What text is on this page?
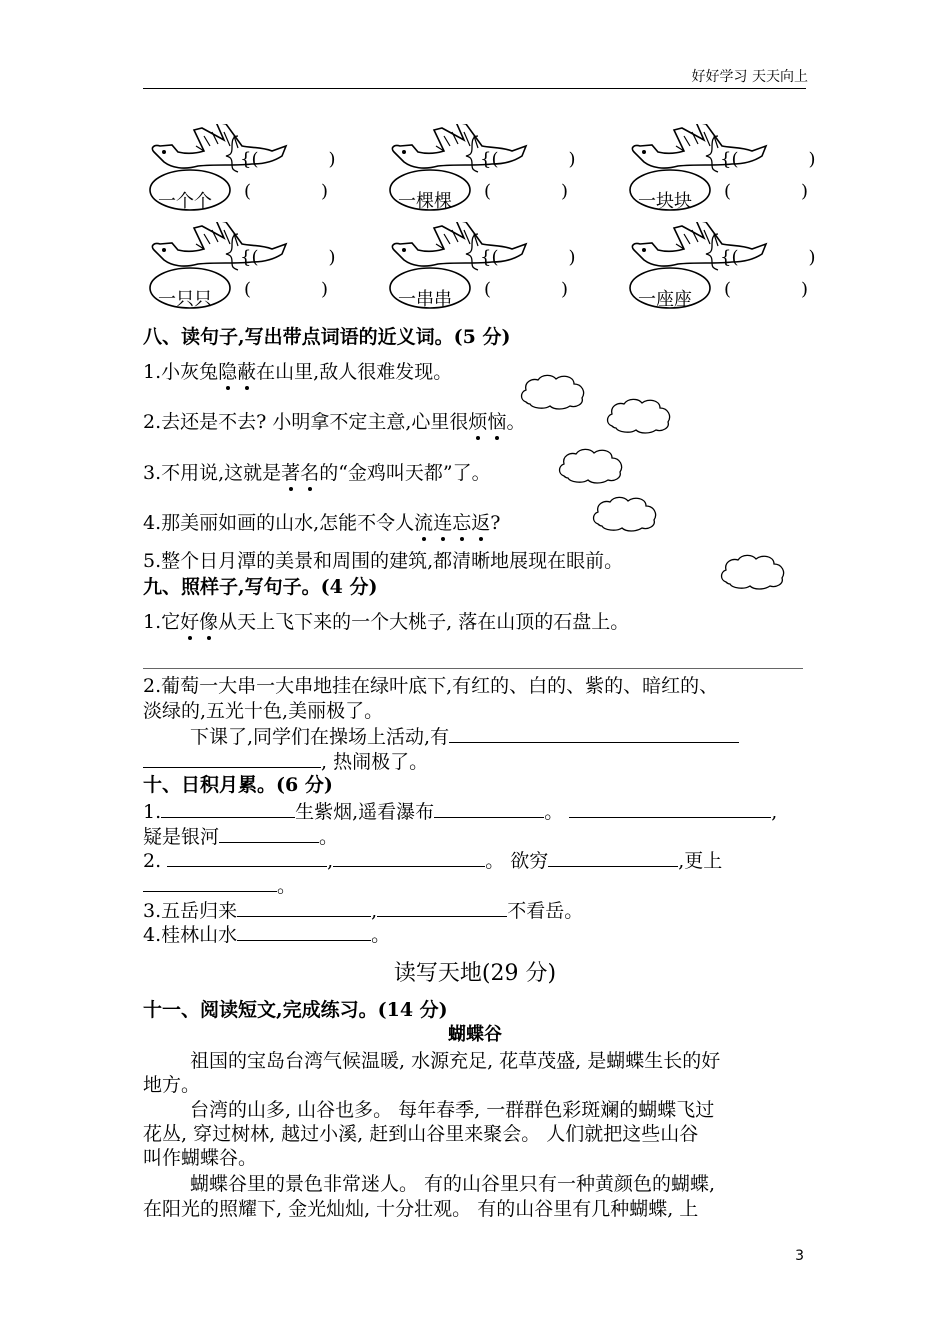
好好学习 天天向上
一个个
{(	)
(	)	一棵棵
{(	)
(	)	一块块
{(	)
(	)
一只只
{(	)
(	)	一串串
{(	)
(	)	一座座
{(	)
(	)
八、读句子,写出带点词语的近义词。(5 分)
1.小灰兔隐蔽在山里,敌人很难发现。
2.去还是不去? 小明拿不定主意,心里很烦恼。
3.不用说,这就是著名的“金鸡叫天都”了。
4.那美丽如画的山水,怎能不令人流连忘返?
5.整个日月潭的美景和周围的建筑,都清晰地展现在眼前。
九、照样子,写句子。(4 分)
1.它好像从天上飞下来的一个大桃子, 落在山顶的石盘上。
2.葡萄一大串一大串地挂在绿叶底下,有红的、白的、紫的、暗红的、
淡绿的,五光十色,美丽极了。
下课了,同学们在操场上活动,有
, 热闹极了。
十、日积月累。(6 分)
1.	生紫烟,遥看瀑布	。	,
疑是银河	。
2.	,	。 欲穷	,更上
。
3.五岳归来	,	不看岳。
4.桂林山水	。
读写天地(29 分)
十一、阅读短文,完成练习。(14 分)
蝴蝶谷
祖国的宝岛台湾气候温暖, 水源充足, 花草茂盛, 是蝴蝶生长的好
地方。
台湾的山多, 山谷也多。 每年春季, 一群群色彩斑斓的蝴蝶飞过
花丛, 穿过树林, 越过小溪, 赶到山谷里来聚会。 人们就把这些山谷
叫作蝴蝶谷。
蝴蝶谷里的景色非常迷人。 有的山谷里只有一种黄颜色的蝴蝶,
在阳光的照耀下, 金光灿灿, 十分壮观。 有的山谷里有几种蝴蝶, 上
3
